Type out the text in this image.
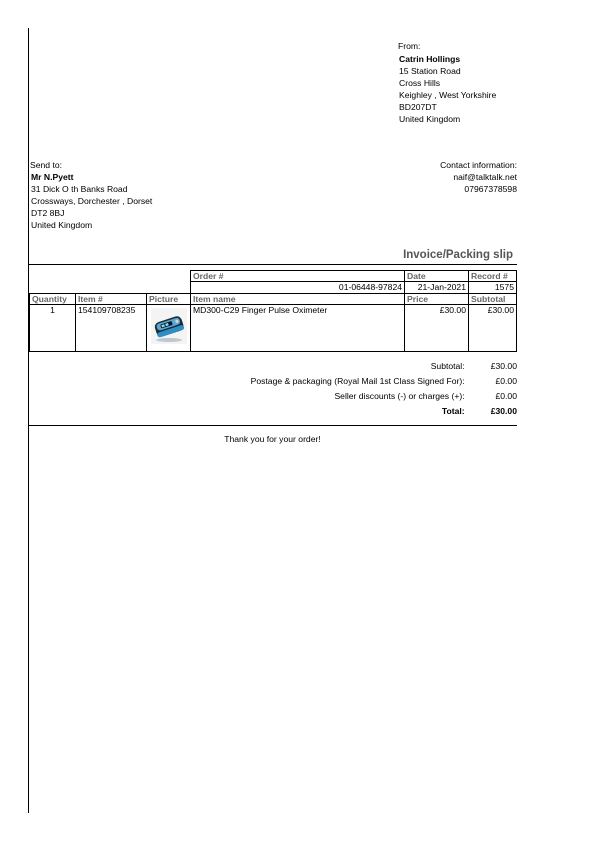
From:
Catrin Hollings
15 Station Road
Cross Hills
Keighley , West Yorkshire
BD207DT
United Kingdom
Send to:
Mr N.Pyett
31 Dick O th Banks Road
Crossways, Dorchester , Dorset
DT2 8BJ
United Kingdom
Contact information:
naif@talktalk.net
07967378598
Invoice/Packing slip
			Order #	Date	Record #
			01-06448-97824	21-Jan-2021	1575
Quantity	Item #	Picture	Item name	Price	Subtotal
1	154109708235		MD300-C29 Finger Pulse Oximeter	£30.00	£30.00
Subtotal:	£30.00
Postage & packaging (Royal Mail 1st Class Signed For):	£0.00
Seller discounts (-) or charges (+):	£0.00
Total:	£30.00
Thank you for your order!
